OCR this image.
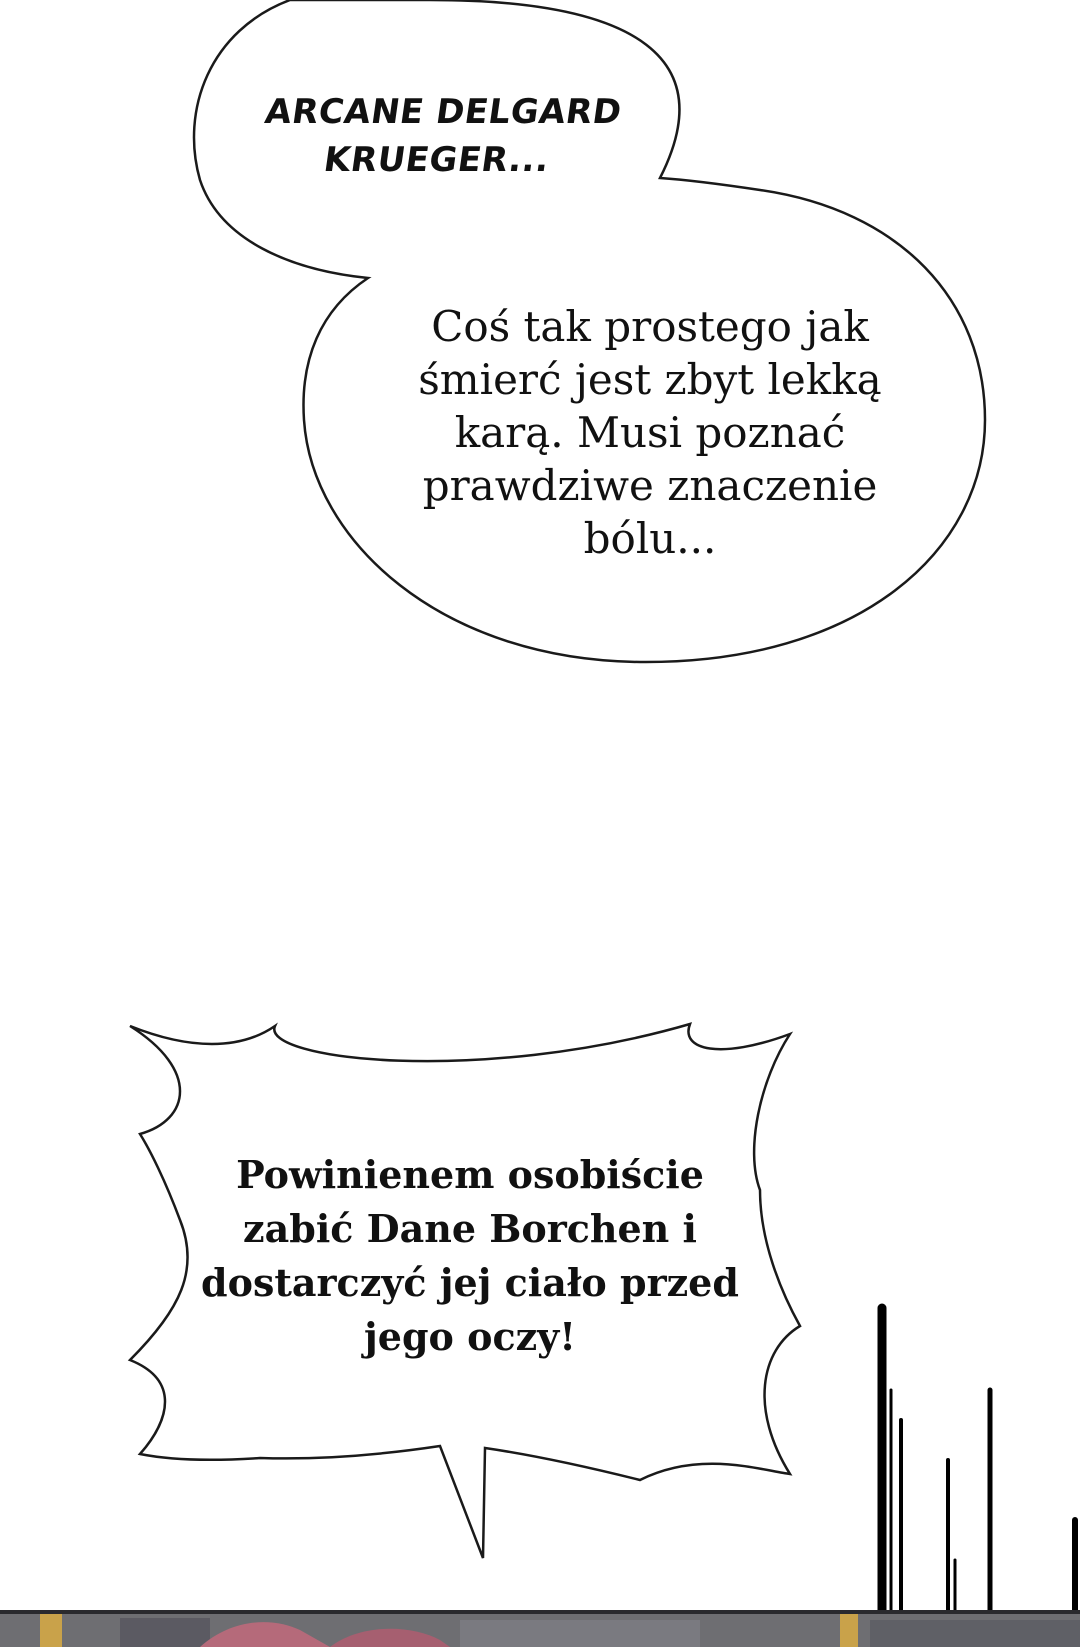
ARCANE DELGARD KRUEGER...

Coś tak prostego jak śmierć jest zbyt lekką karą. Musi poznać prawdziwe znaczenie bólu...

Powinienem osobiście zabić Dane Borchen i dostarczyć jej ciało przed jego oczy!
